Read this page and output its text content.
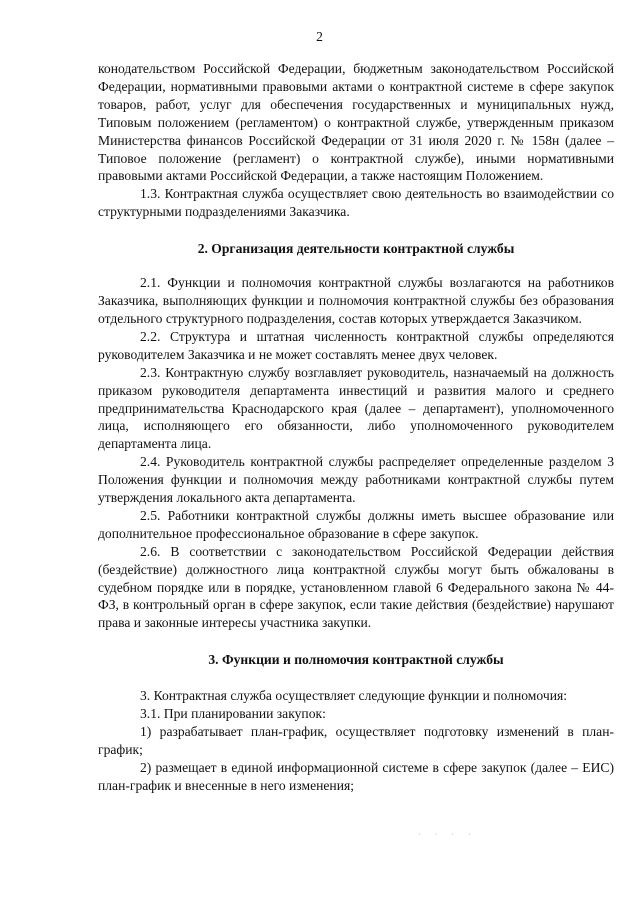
2

конодательством Российской Федерации, бюджетным законодательством Российской Федерации, нормативными правовыми актами о контрактной системе в сфере закупок товаров, работ, услуг для обеспечения государственных и муниципальных нужд, Типовым положением (регламентом) о контрактной службе, утвержденным приказом Министерства финансов Российской Федерации от 31 июля 2020 г. № 158н (далее – Типовое положение (регламент) о контрактной службе), иными нормативными правовыми актами Российской Федерации, а также настоящим Положением.

1.3. Контрактная служба осуществляет свою деятельность во взаимодействии со структурными подразделениями Заказчика.

2. Организация деятельности контрактной службы

2.1. Функции и полномочия контрактной службы возлагаются на работников Заказчика, выполняющих функции и полномочия контрактной службы без образования отдельного структурного подразделения, состав которых утверждается Заказчиком.

2.2. Структура и штатная численность контрактной службы определяются руководителем Заказчика и не может составлять менее двух человек.

2.3. Контрактную службу возглавляет руководитель, назначаемый на должность приказом руководителя департамента инвестиций и развития малого и среднего предпринимательства Краснодарского края (далее – департамент), уполномоченного лица, исполняющего его обязанности, либо уполномоченного руководителем департамента лица.

2.4. Руководитель контрактной службы распределяет определенные разделом 3 Положения функции и полномочия между работниками контрактной службы путем утверждения локального акта департамента.

2.5. Работники контрактной службы должны иметь высшее образование или дополнительное профессиональное образование в сфере закупок.

2.6. В соответствии с законодательством Российской Федерации действия (бездействие) должностного лица контрактной службы могут быть обжалованы в судебном порядке или в порядке, установленном главой 6 Федерального закона № 44-ФЗ, в контрольный орган в сфере закупок, если такие действия (бездействие) нарушают права и законные интересы участника закупки.

3. Функции и полномочия контрактной службы

3. Контрактная служба осуществляет следующие функции и полномочия:

3.1. При планировании закупок:

1) разрабатывает план-график, осуществляет подготовку изменений в план-график;

2) размещает в единой информационной системе в сфере закупок (далее – ЕИС) план-график и внесенные в него изменения;

· · · ·
